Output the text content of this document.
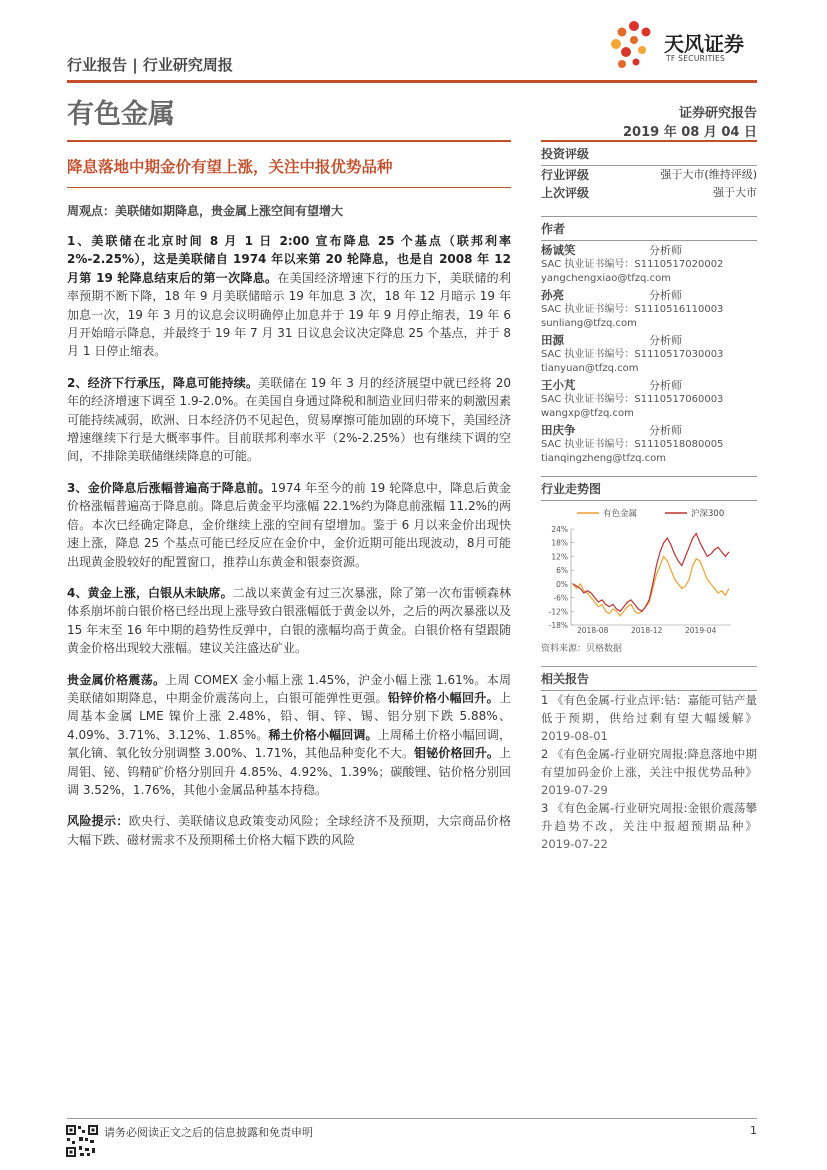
天风证券
TF SECURITIES
行业报告 | 行业研究周报
有色金属	证券研究报告
2019 年 08 月 04 日
降息落地中期金价有望上涨，关注中报优势品种
周观点：美联储如期降息，贵金属上涨空间有望增大

1、美联储在北京时间 8 月 1 日 2:00 宣布降息 25 个基点（联邦利率 2%-2.25%），这是美联储自 1974 年以来第 20 轮降息，也是自 2008 年 12 月第 19 轮降息结束后的第一次降息。在美国经济增速下行的压力下，美联储的利率预期不断下降，18 年 9 月美联储暗示 19 年加息 3 次，18 年 12 月暗示 19 年加息一次，19 年 3 月的议息会议明确停止加息并于 19 年 9 月停止缩表，19 年 6 月开始暗示降息，并最终于 19 年 7 月 31 日议息会议决定降息 25 个基点，并于 8 月 1 日停止缩表。

2、经济下行承压，降息可能持续。美联储在 19 年 3 月的经济展望中就已经将 20 年的经济增速下调至 1.9-2.0%。在美国自身通过降税和制造业回归带来的刺激因素可能持续减弱，欧洲、日本经济仍不见起色，贸易摩擦可能加剧的环境下，美国经济增速继续下行是大概率事件。目前联邦利率水平（2%-2.25%）也有继续下调的空间，不排除美联储继续降息的可能。

3、金价降息后涨幅普遍高于降息前。1974 年至今的前 19 轮降息中，降息后黄金价格涨幅普遍高于降息前。降息后黄金平均涨幅 22.1%约为降息前涨幅 11.2%的两倍。本次已经确定降息，金价继续上涨的空间有望增加。鉴于 6 月以来金价出现快速上涨，降息 25 个基点可能已经反应在金价中，金价近期可能出现波动，8月可能出现黄金股较好的配置窗口，推荐山东黄金和银泰资源。

4、黄金上涨，白银从未缺席。二战以来黄金有过三次暴涨，除了第一次布雷顿森林体系崩坏前白银价格已经出现上涨导致白银涨幅低于黄金以外，之后的两次暴涨以及 15 年末至 16 年中期的趋势性反弹中，白银的涨幅均高于黄金。白银价格有望跟随黄金价格出现较大涨幅。建议关注盛达矿业。

贵金属价格震荡。上周 COMEX 金小幅上涨 1.45%，沪金小幅上涨 1.61%。本周美联储如期降息，中期金价震荡向上，白银可能弹性更强。铅锌价格小幅回升。上周基本金属 LME 镍价上涨 2.48%，铅、铜、锌、锡、铝分别下跌 5.88%、4.09%、3.71%、3.12%、1.85%。稀土价格小幅回调。上周稀土价格小幅回调，氧化镝、氧化钕分别调整 3.00%、1.71%，其他品种变化不大。钼铋价格回升。上周钼、铋、钨精矿价格分别回升 4.85%、4.92%、1.39%；碳酸锂、钴价格分别回调 3.52%，1.76%，其他小金属品种基本持稳。

风险提示：欧央行、美联储议息政策变动风险；全球经济不及预期，大宗商品价格大幅下跌、磁材需求不及预期稀土价格大幅下跌的风险

投资评级
行业评级	强于大市(维持评级)
上次评级	强于大市
作者
杨诚笑	分析师
SAC 执业证书编号：S1110517020002
yangchengxiao@tfzq.com
孙亮	分析师
SAC 执业证书编号：S1110516110003
sunliang@tfzq.com
田源	分析师
SAC 执业证书编号：S1110517030003
tianyuan@tfzq.com
王小芃	分析师
SAC 执业证书编号：S1110517060003
wangxp@tfzq.com
田庆争	分析师
SAC 执业证书编号：S1110518080005
tianqingzheng@tfzq.com
行业走势图
有色金属	沪深300
24%
18%
12%
6%
0%
-6%
-12%
-18%
2018-08	2018-12	2019-04
资料来源：贝格数据
相关报告
1 《有色金属-行业点评:钴：嘉能可钴产量低于预期，供给过剩有望大幅缓解》 2019-08-01
2 《有色金属-行业研究周报:降息落地中期有望加码金价上涨，关注中报优势品种》 2019-07-29
3 《有色金属-行业研究周报:金银价震荡攀升趋势不改，关注中报超预期品种》 2019-07-22
请务必阅读正文之后的信息披露和免责申明	1
